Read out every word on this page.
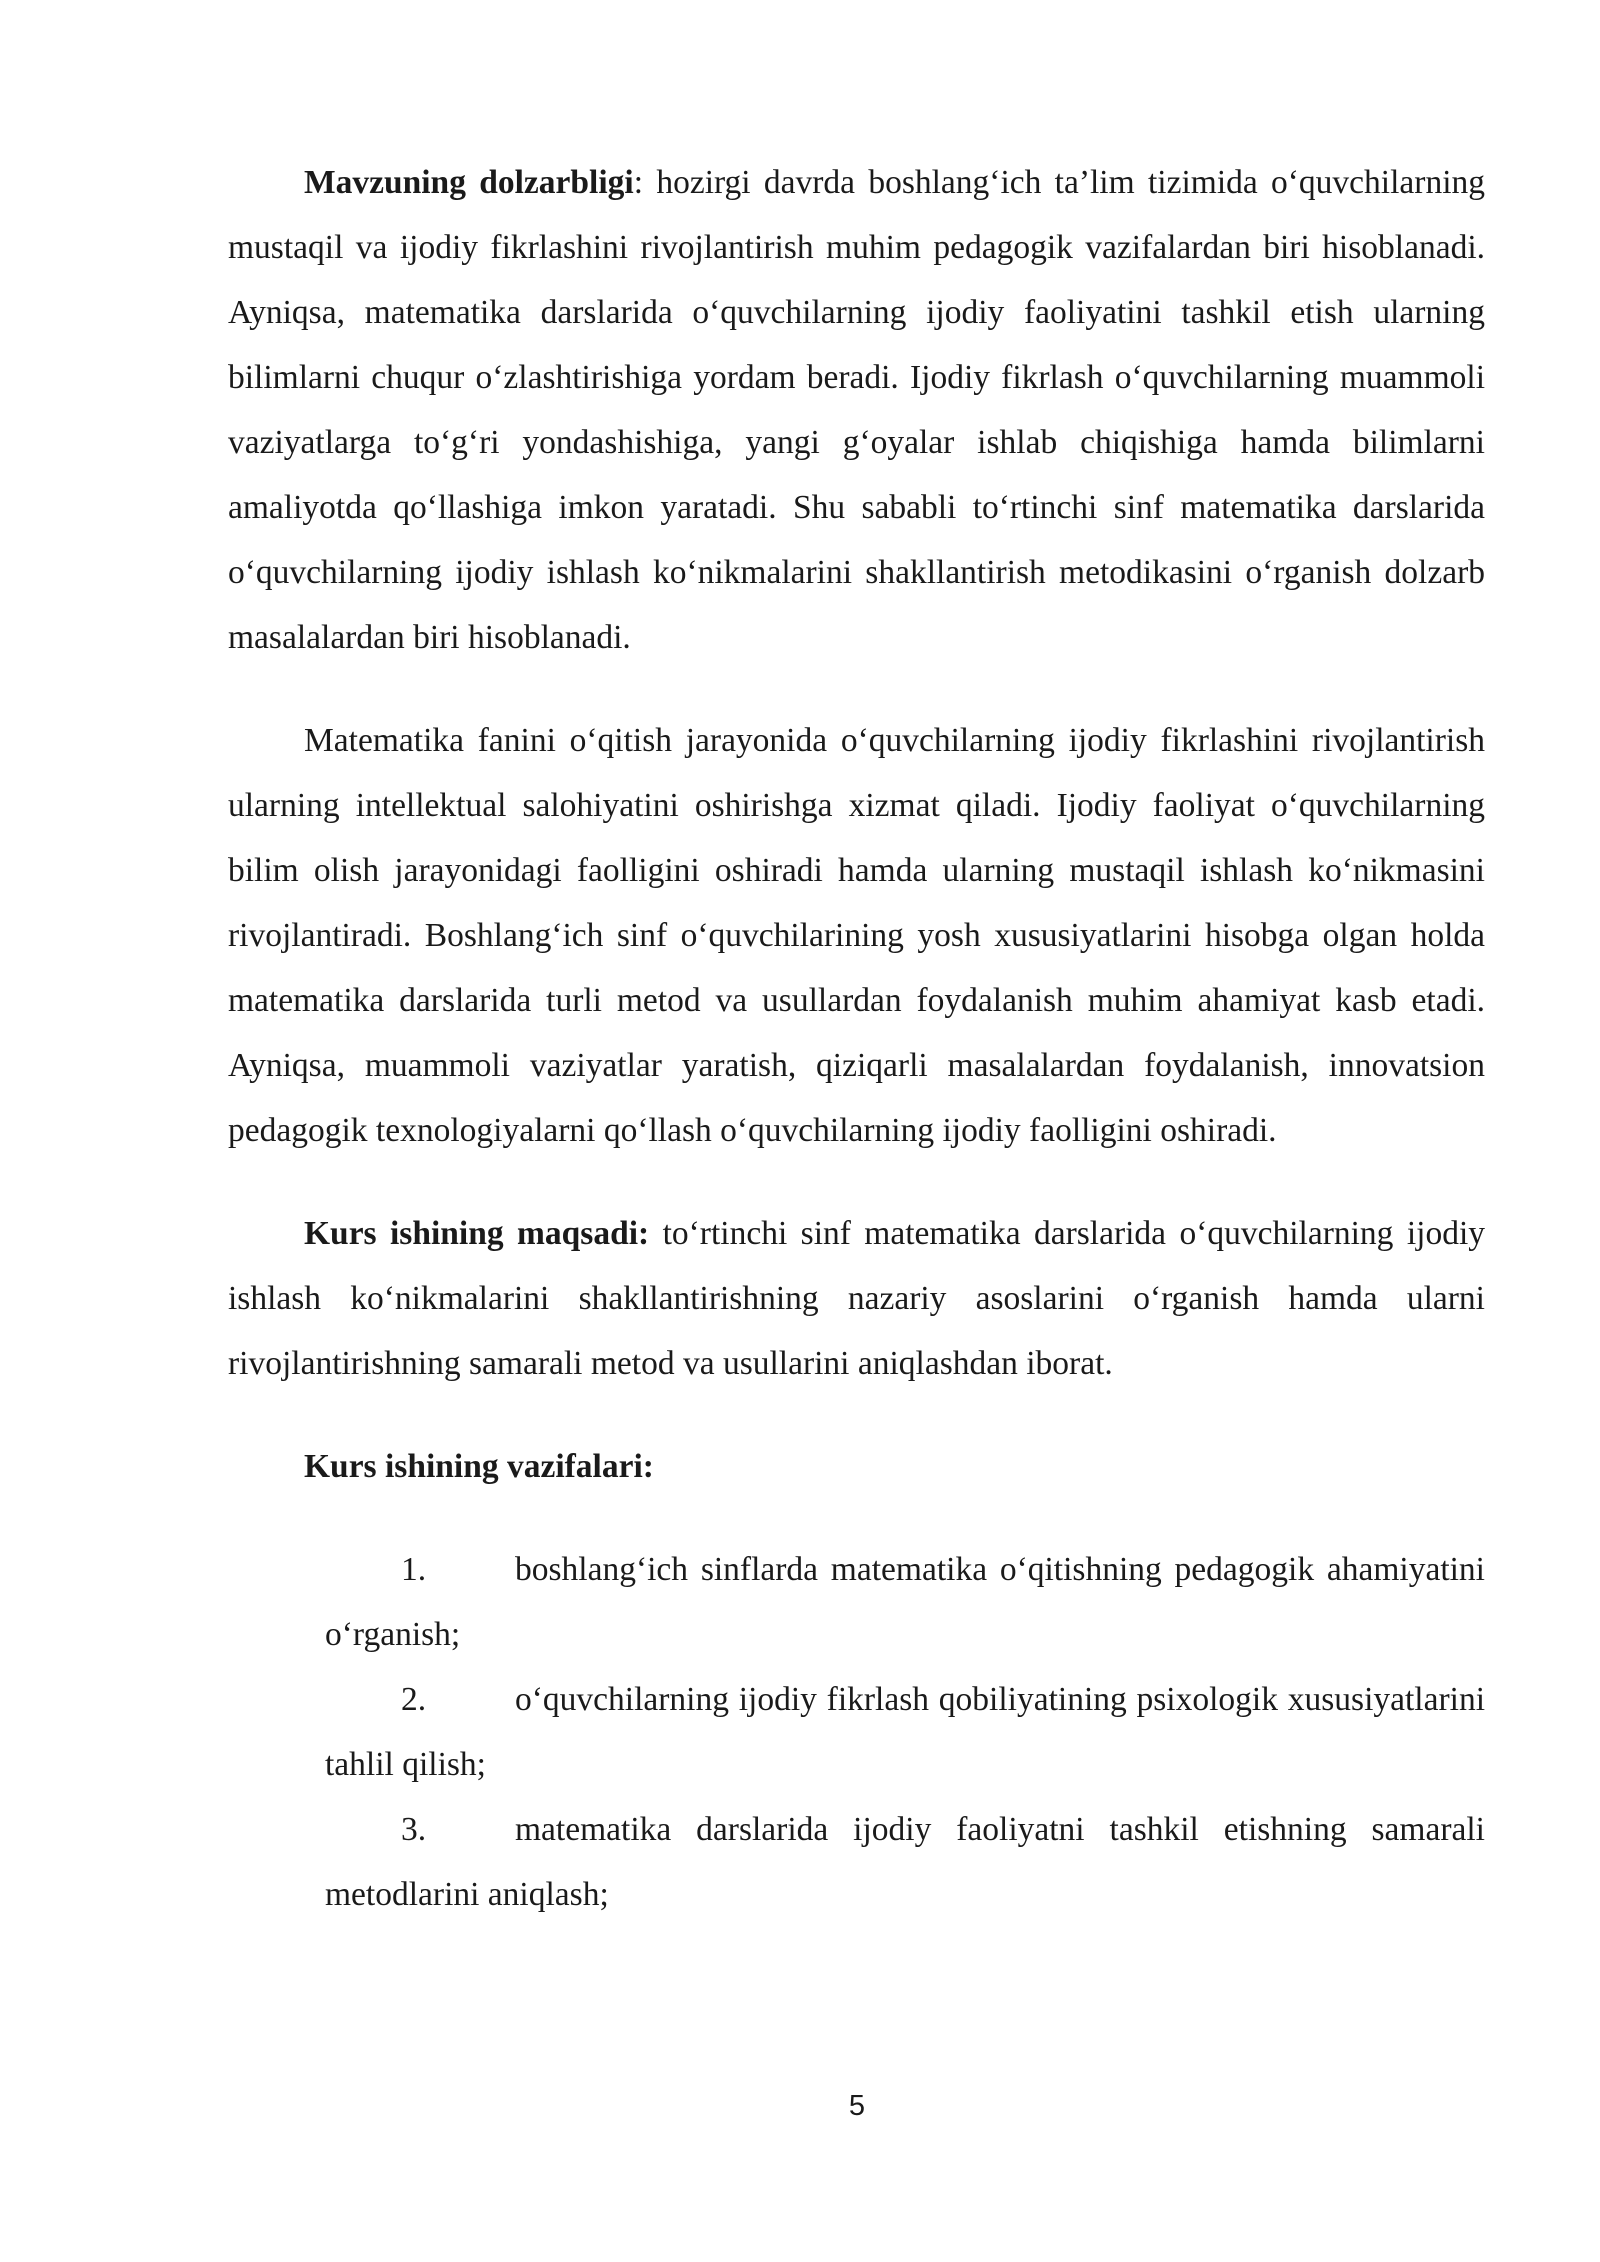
Mavzuning dolzarbligi: hozirgi davrda boshlang‘ich ta’lim tizimida o‘quvchilarning mustaqil va ijodiy fikrlashini rivojlantirish muhim pedagogik vazifalardan biri hisoblanadi. Ayniqsa, matematika darslarida o‘quvchilarning ijodiy faoliyatini tashkil etish ularning bilimlarni chuqur o‘zlashtirishiga yordam beradi. Ijodiy fikrlash o‘quvchilarning muammoli vaziyatlarga to‘g‘ri yondashishiga, yangi g‘oyalar ishlab chiqishiga hamda bilimlarni amaliyotda qo‘llashiga imkon yaratadi. Shu sababli to‘rtinchi sinf matematika darslarida o‘quvchilarning ijodiy ishlash ko‘nikmalarini shakllantirish metodikasini o‘rganish dolzarb masalalardan biri hisoblanadi.

Matematika fanini o‘qitish jarayonida o‘quvchilarning ijodiy fikrlashini rivojlantirish ularning intellektual salohiyatini oshirishga xizmat qiladi. Ijodiy faoliyat o‘quvchilarning bilim olish jarayonidagi faolligini oshiradi hamda ularning mustaqil ishlash ko‘nikmasini rivojlantiradi. Boshlang‘ich sinf o‘quvchilarining yosh xususiyatlarini hisobga olgan holda matematika darslarida turli metod va usullardan foydalanish muhim ahamiyat kasb etadi. Ayniqsa, muammoli vaziyatlar yaratish, qiziqarli masalalardan foydalanish, innovatsion pedagogik texnologiyalarni qo‘llash o‘quvchilarning ijodiy faolligini oshiradi.

Kurs ishining maqsadi: to‘rtinchi sinf matematika darslarida o‘quvchilarning ijodiy ishlash ko‘nikmalarini shakllantirishning nazariy asoslarini o‘rganish hamda ularni rivojlantirishning samarali metod va usullarini aniqlashdan iborat.

Kurs ishining vazifalari:

1.	boshlang‘ich sinflarda matematika o‘qitishning pedagogik ahamiyatini o‘rganish;
2.	o‘quvchilarning ijodiy fikrlash qobiliyatining psixologik xususiyatlarini tahlil qilish;
3.	matematika darslarida ijodiy faoliyatni tashkil etishning samarali metodlarini aniqlash;
5
